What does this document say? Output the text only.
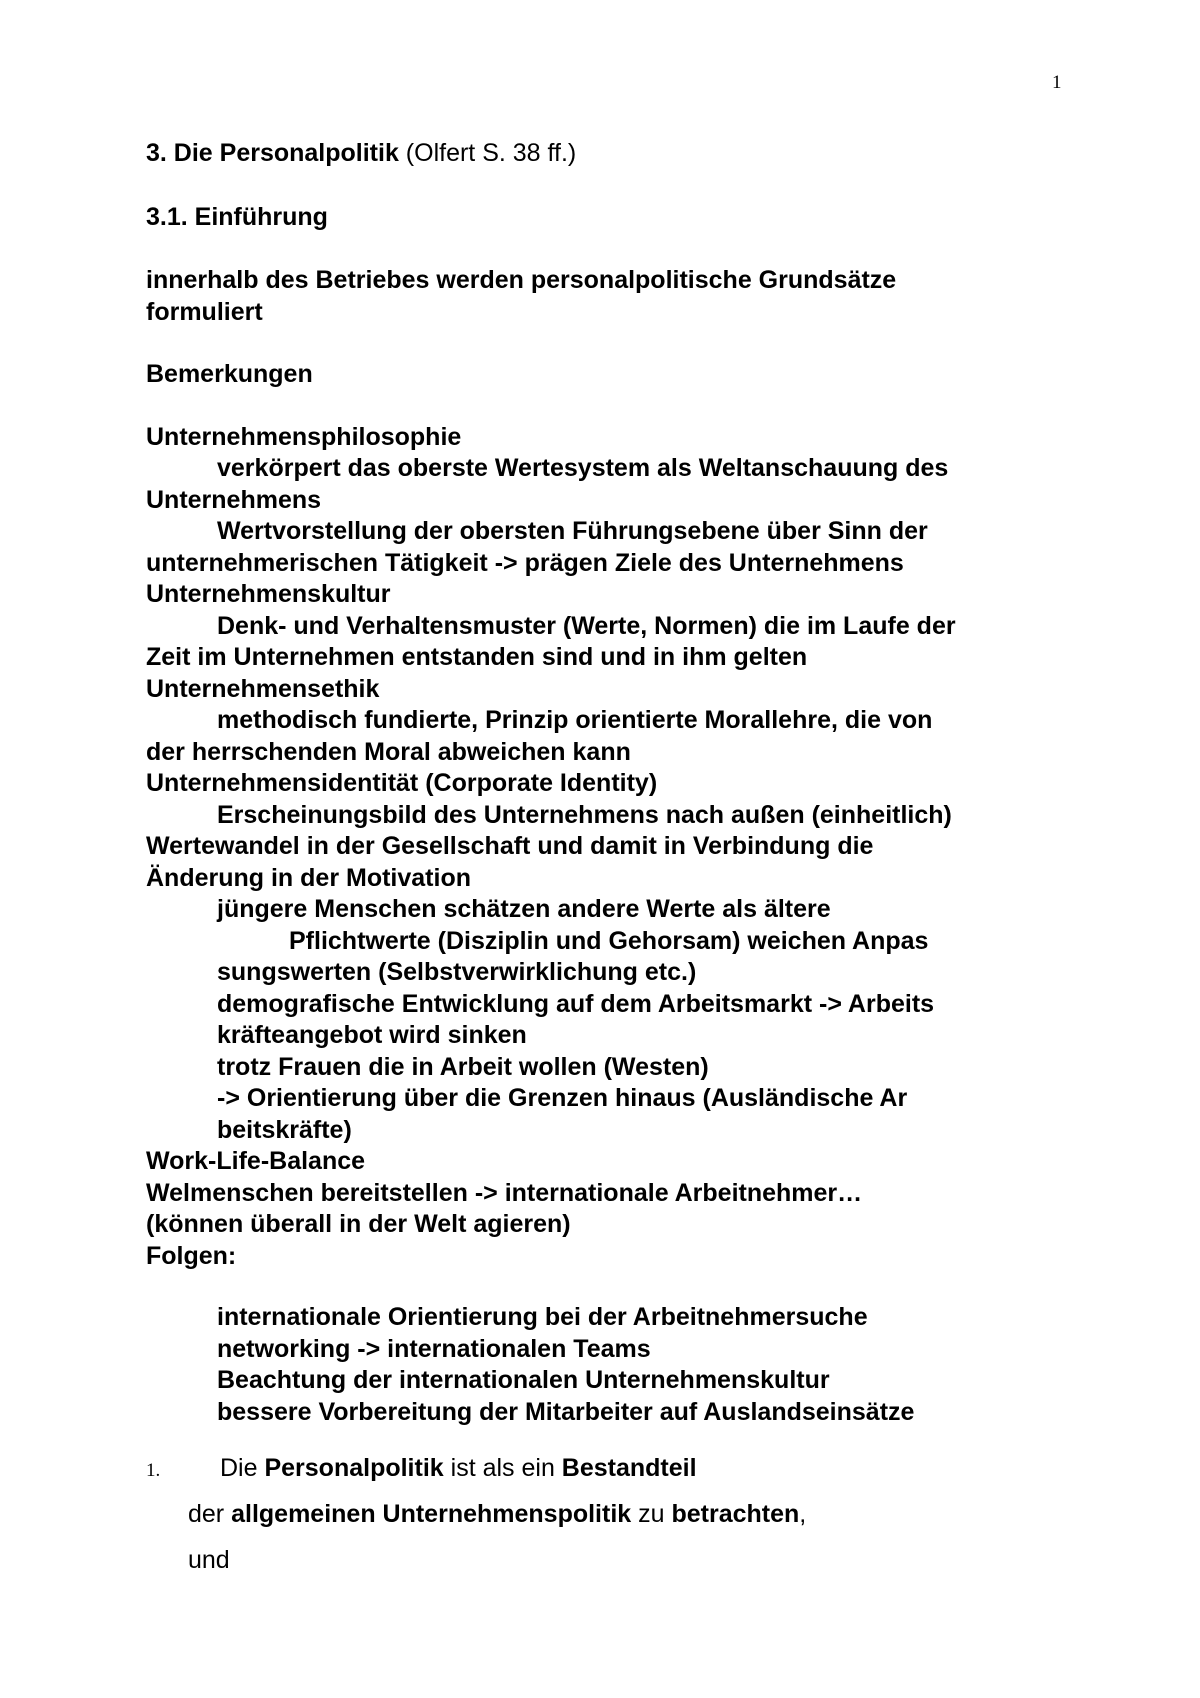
1
3. Die Personalpolitik (Olfert S. 38 ff.)
3.1. Einführung
innerhalb des Betriebes werden personalpolitische Grundsätze
formuliert
Bemerkungen
Unternehmensphilosophie
verkörpert das oberste Wertesystem als Weltanschauung des
Unternehmens
Wertvorstellung der obersten Führungsebene über Sinn der
unternehmerischen Tätigkeit -> prägen Ziele des Unternehmens
Unternehmenskultur
Denk- und Verhaltensmuster (Werte, Normen) die im Laufe der
Zeit im Unternehmen entstanden sind und in ihm gelten
Unternehmensethik
methodisch fundierte, Prinzip orientierte Morallehre, die von
der herrschenden Moral abweichen kann
Unternehmensidentität (Corporate Identity)
Erscheinungsbild des Unternehmens nach außen (einheitlich)
Wertewandel in der Gesellschaft und damit in Verbindung die
Änderung in der Motivation
jüngere Menschen schätzen andere Werte als ältere
Pflichtwerte (Disziplin und Gehorsam) weichen Anpas
sungswerten (Selbstverwirklichung etc.)
demografische Entwicklung auf dem Arbeitsmarkt -> Arbeits
kräfteangebot wird sinken
trotz Frauen die in Arbeit wollen (Westen)
-> Orientierung über die Grenzen hinaus (Ausländische Ar
beitskräfte)
Work-Life-Balance
Welmenschen bereitstellen -> internationale Arbeitnehmer…
(können überall in der Welt agieren)
Folgen:
internationale Orientierung bei der Arbeitnehmersuche
networking -> internationalen Teams
Beachtung der internationalen Unternehmenskultur
bessere Vorbereitung der Mitarbeiter auf Auslandseinsätze
1. Die Personalpolitik ist als ein Bestandteil
der allgemeinen Unternehmenspolitik zu betrachten,
und
